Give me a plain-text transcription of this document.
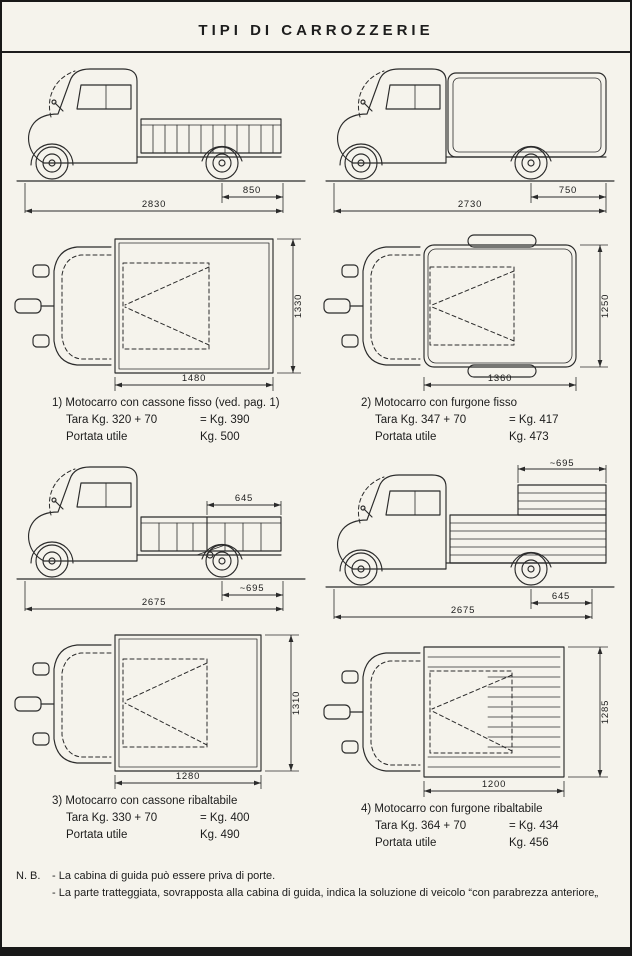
TIPI DI CARROZZERIE
850
2830
1330
1480
1) Motocarro con cassone fisso (ved. pag. 1)
Tara Kg. 320 + 70	= Kg. 390
Portata utile	Kg. 500
750
2730
1250
1360
2) Motocarro con furgone fisso
Tara Kg. 347 + 70	= Kg. 417
Portata utile	Kg. 473
645
~695
2675
1310
1280
3) Motocarro con cassone ribaltabile
Tara Kg. 330 + 70	= Kg. 400
Portata utile	Kg. 490
~695
645
2675
1285
1200
4) Motocarro con furgone ribaltabile
Tara Kg. 364 + 70	= Kg. 434
Portata utile	Kg. 456
N. B.	- La cabina di guida può essere priva di porte.
- La parte tratteggiata, sovrapposta alla cabina di guida, indica la soluzione di veicolo “con parabrezza anteriore„
